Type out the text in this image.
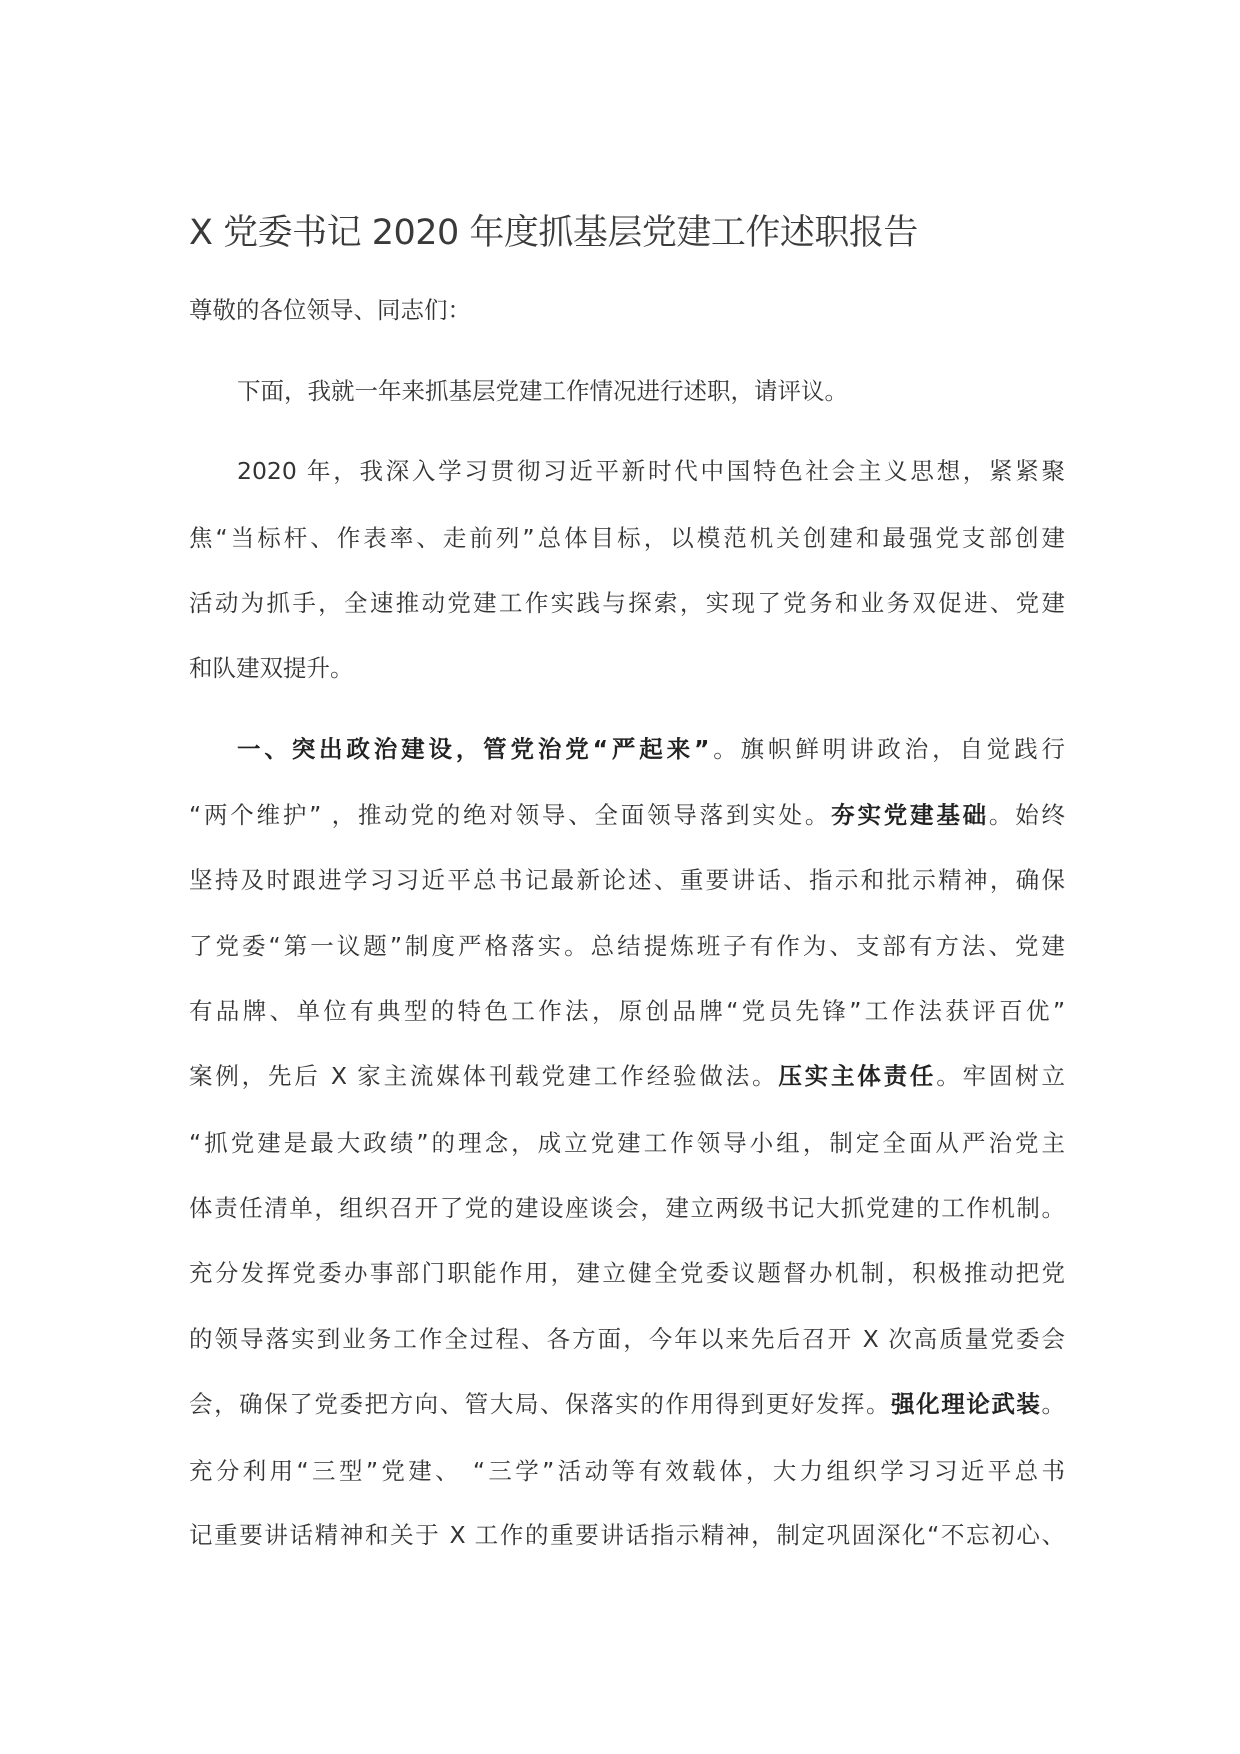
X 党委书记 2020 年度抓基层党建工作述职报告
尊敬的各位领导、同志们：
下面，我就一年来抓基层党建工作情况进行述职，请评议。
2020 年，我深入学习贯彻习近平新时代中国特色社会主义思想，紧紧聚
焦“当标杆、作表率、走前列”总体目标，以模范机关创建和最强党支部创建
活动为抓手，全速推动党建工作实践与探索，实现了党务和业务双促进、党建
和队建双提升。
一、突出政治建设，管党治党“严起来”。旗帜鲜明讲政治，自觉践行
“两个维护” ，推动党的绝对领导、全面领导落到实处。夯实党建基础。始终
坚持及时跟进学习习近平总书记最新论述、重要讲话、指示和批示精神，确保
了党委“第一议题”制度严格落实。总结提炼班子有作为、支部有方法、党建
有品牌、单位有典型的特色工作法，原创品牌“党员先锋”工作法获评百优”
案例，先后 X 家主流媒体刊载党建工作经验做法。压实主体责任。牢固树立
“抓党建是最大政绩”的理念，成立党建工作领导小组，制定全面从严治党主
体责任清单，组织召开了党的建设座谈会，建立两级书记大抓党建的工作机制。
充分发挥党委办事部门职能作用，建立健全党委议题督办机制，积极推动把党
的领导落实到业务工作全过程、各方面，今年以来先后召开 X 次高质量党委会
会，确保了党委把方向、管大局、保落实的作用得到更好发挥。强化理论武装。
充分利用“三型”党建、 “三学”活动等有效载体，大力组织学习习近平总书
记重要讲话精神和关于 X 工作的重要讲话指示精神，制定巩固深化“不忘初心、
